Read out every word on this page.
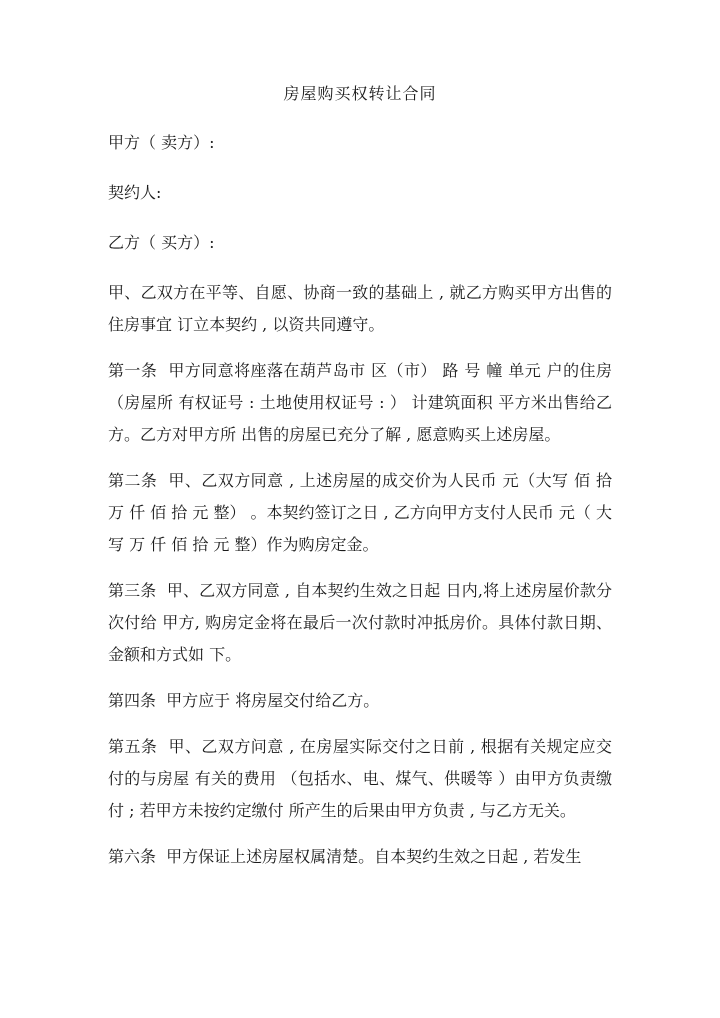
房屋购买权转让合同
甲方（ 卖方）:
契约人:
乙方（ 买方）:
甲、乙双方在平等、自愿、协商一致的基础上 , 就乙方购买甲方出售的住房事宜 订立本契约 , 以资共同遵守。
第一条  甲方同意将座落在葫芦岛市 区（市） 路 号 幢 单元 户的住房 （房屋所 有权证号 : 土地使用权证号 : ） 计建筑面积 平方米出售给乙方。乙方对甲方所 出售的房屋已充分了解 , 愿意购买上述房屋。
第二条  甲、乙双方同意 , 上述房屋的成交价为人民币 元（大写 佰 拾 万 仟 佰 拾 元 整） 。本契约签订之日 , 乙方向甲方支付人民币 元（ 大写 万 仟 佰 拾 元 整）作为购房定金。
第三条  甲、乙双方同意 , 自本契约生效之日起 日内,将上述房屋价款分 次付给 甲方, 购房定金将在最后一次付款时冲抵房价。具体付款日期、金额和方式如 下。
第四条  甲方应于 将房屋交付给乙方。
第五条  甲、乙双方问意 , 在房屋实际交付之日前 , 根据有关规定应交付的与房屋 有关的费用 （包括水、电、煤气、供暖等 ）由甲方负责缴付 ; 若甲方未按约定缴付 所产生的后果由甲方负责 , 与乙方无关。
第六条  甲方保证上述房屋权属清楚。自本契约生效之日起 , 若发生
